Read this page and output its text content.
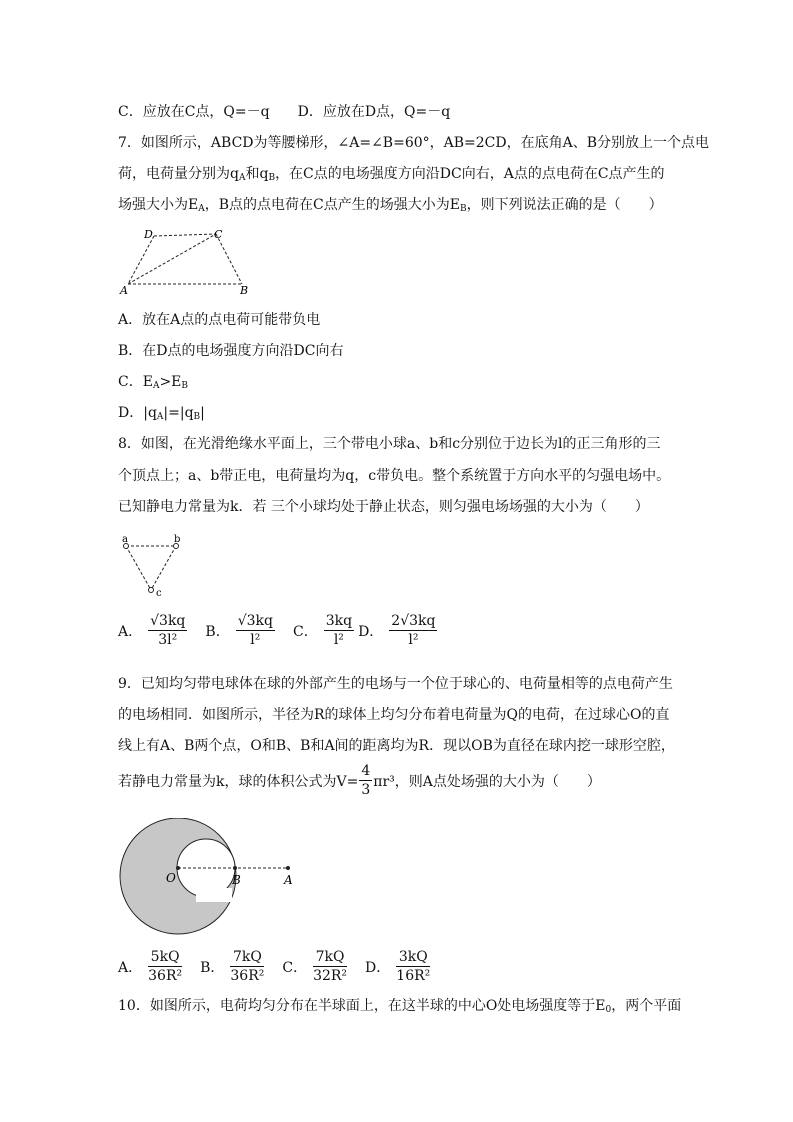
C．应放在C点，Q=－q　　D．应放在D点，Q=－q
7．如图所示，ABCD为等腰梯形，∠A=∠B=60°，AB=2CD，在底角A、B分别放上一个点电
荷，电荷量分别为$q_A$和$q_B$，在C点的电场强度方向沿DC向右，A点的点电荷在C点产生的
场强大小为$E_A$，B点的点电荷在C点产生的场强大小为$E_B$，则下列说法正确的是（　　）
D	C
A	B
A．放在A点的点电荷可能带负电
B．在D点的电场强度方向沿DC向右
C．$E_A>E_B$
D．$|q_A|=|q_B|$
8．如图，在光滑绝缘水平面上，三个带电小球a、b和c分别位于边长为l的正三角形的三
个顶点上；a、b带正电，电荷量均为q，c带负电。整个系统置于方向水平的匀强电场中。
已知静电力常量为k．若 三个小球均处于静止状态，则匀强电场场强的大小为（　　）
a	b
c
A． $\frac{√3kq}{\text{3l²}}$ B． $\frac{√3kq}{\text{l²}}$ C． $\frac{3kq}{\text{l²}}$ D． $\frac{2√3kq}{\text{l²}}$
9．已知均匀带电球体在球的外部产生的电场与一个位于球心的、电荷量相等的点电荷产生
的电场相同．如图所示，半径为R的球体上均匀分布着电荷量为Q的电荷，在过球心O的直
线上有A、B两个点，O和B、B和A间的距离均为R．现以OB为直径在球内挖一球形空腔，
若静电力常量为k，球的体积公式为$V= \frac{4}{3} \pi r^3$，则A点处场强的大小为（　　）
O	B	A
A． $\frac{5kQ}{\text{36R²}}$ B． $\frac{7kQ}{\text{36R²}}$ C． $\frac{7kQ}{\text{32R²}}$ D． $\frac{3kQ}{\text{16R²}}$
10．如图所示，电荷均匀分布在半球面上，在这半球的中心O处电场强度等于$E_0$，两个平面
